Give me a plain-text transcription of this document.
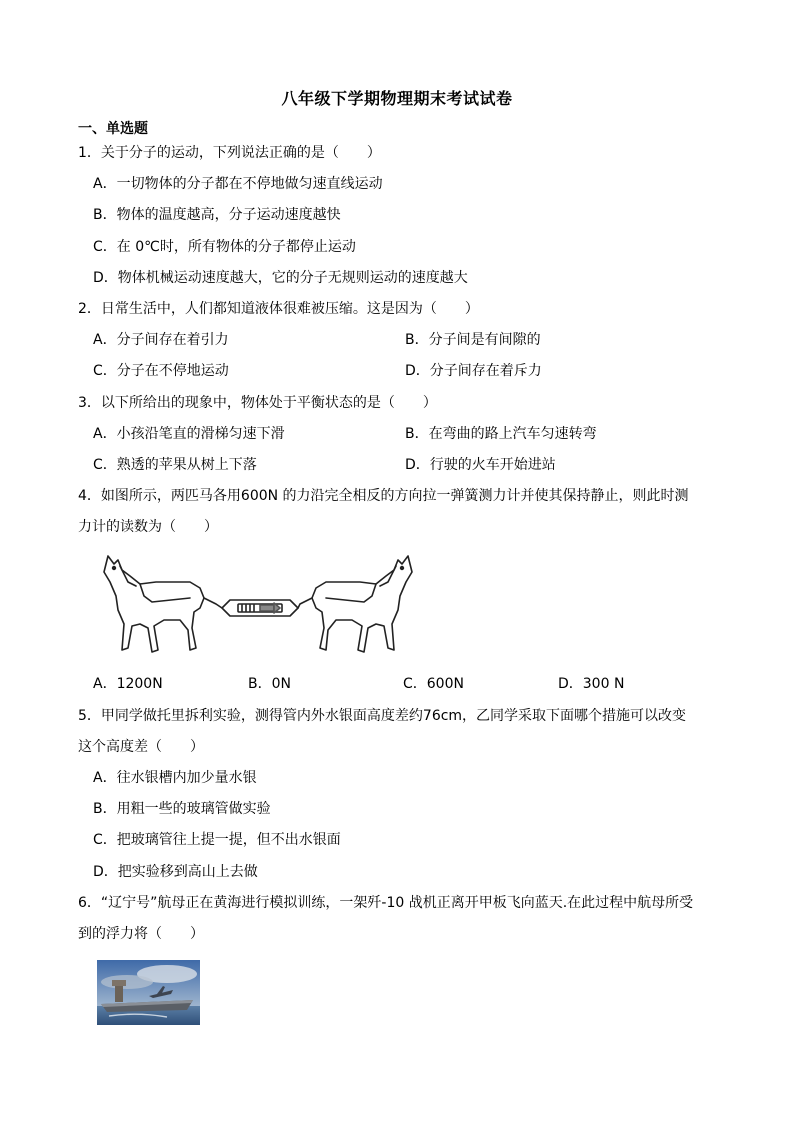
八年级下学期物理期末考试试卷
一、单选题
1．关于分子的运动，下列说法正确的是（　　）
A．一切物体的分子都在不停地做匀速直线运动
B．物体的温度越高，分子运动速度越快
C．在 0℃时，所有物体的分子都停止运动
D．物体机械运动速度越大，它的分子无规则运动的速度越大
2．日常生活中，人们都知道液体很难被压缩。这是因为（　　）
A．分子间存在着引力	B．分子间是有间隙的
C．分子在不停地运动	D．分子间存在着斥力
3．以下所给出的现象中，物体处于平衡状态的是（　　）
A．小孩沿笔直的滑梯匀速下滑	B．在弯曲的路上汽车匀速转弯
C．熟透的苹果从树上下落	D．行驶的火车开始进站
4．如图所示，两匹马各用600N 的力沿完全相反的方向拉一弹簧测力计并使其保持静止，则此时测
力计的读数为（　　）
A．1200N	B．0N	C．600N	D．300 N
5．甲同学做托里拆利实验，测得管内外水银面高度差约76cm，乙同学采取下面哪个措施可以改变
这个高度差（　　）
A．往水银槽内加少量水银
B．用粗一些的玻璃管做实验
C．把玻璃管往上提一提，但不出水银面
D．把实验移到高山上去做
6．“辽宁号”航母正在黄海进行模拟训练，一架歼-10 战机正离开甲板飞向蓝天.在此过程中航母所受
到的浮力将（　　）
